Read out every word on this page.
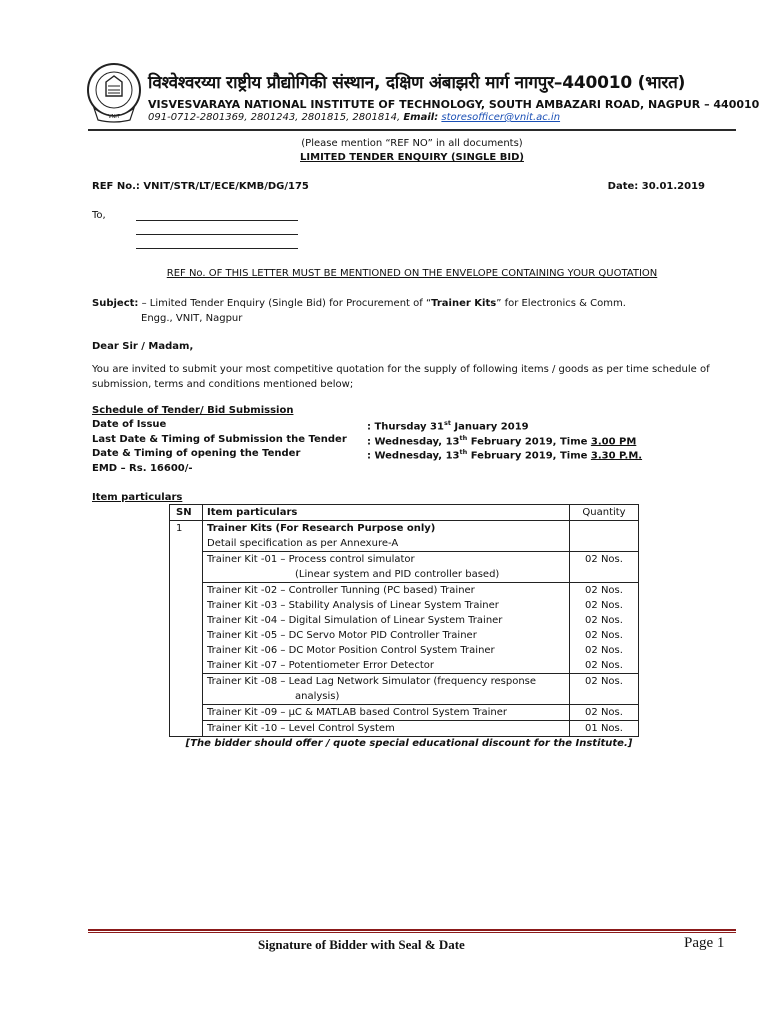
VNIT
विश्वेश्वरय्या राष्ट्रीय प्रौद्योगिकी संस्थान, दक्षिण अंबाझरी मार्ग नागपुर–440010 (भारत)
VISVESVARAYA NATIONAL INSTITUTE OF TECHNOLOGY, SOUTH AMBAZARI ROAD, NAGPUR – 440010
091-0712-2801369, 2801243, 2801815, 2801814, Email: storesofficer@vnit.ac.in
(Please mention “REF NO” in all documents)
LIMITED TENDER ENQUIRY (SINGLE BID)
REF No.: VNIT/STR/LT/ECE/KMB/DG/175	Date: 30.01.2019
To,
REF No. OF THIS LETTER MUST BE MENTIONED ON THE ENVELOPE CONTAINING YOUR QUOTATION
Subject: – Limited Tender Enquiry (Single Bid) for Procurement of “Trainer Kits” for Electronics & Comm.
Engg., VNIT, Nagpur
Dear Sir / Madam,
You are invited to submit your most competitive quotation for the supply of following items / goods as per time schedule of submission, terms and conditions mentioned below;
Schedule of Tender/ Bid Submission
Date of Issue	: Thursday 31st January 2019
Last Date & Timing of Submission the Tender : Wednesday, 13th February 2019, Time 3.00 PM
Date & Timing of opening the Tender	: Wednesday, 13th February 2019, Time 3.30 P.M.
EMD – Rs. 16600/-
Item particulars
SN	Item particulars	Quantity
1	Trainer Kits (For Research Purpose only)
Detail specification as per Annexure-A	
	Trainer Kit -01 – Process control simulator
(Linear system and PID controller based)	02 Nos.
	Trainer Kit -02 – Controller Tunning (PC based) Trainer	02 Nos.
	Trainer Kit -03 – Stability Analysis of Linear System Trainer	02 Nos.
	Trainer Kit -04 – Digital Simulation of Linear System Trainer	02 Nos.
	Trainer Kit -05 – DC Servo Motor PID Controller Trainer	02 Nos.
	Trainer Kit -06 – DC Motor Position Control System Trainer	02 Nos.
	Trainer Kit -07 – Potentiometer Error Detector	02 Nos.
	Trainer Kit -08 – Lead Lag Network Simulator (frequency response
analysis)	02 Nos.
	Trainer Kit -09 – μC & MATLAB based Control System Trainer	02 Nos.
	Trainer Kit -10 – Level Control System	01 Nos.
[The bidder should offer / quote special educational discount for the Institute.]
Signature of Bidder with Seal & Date	Page 1
